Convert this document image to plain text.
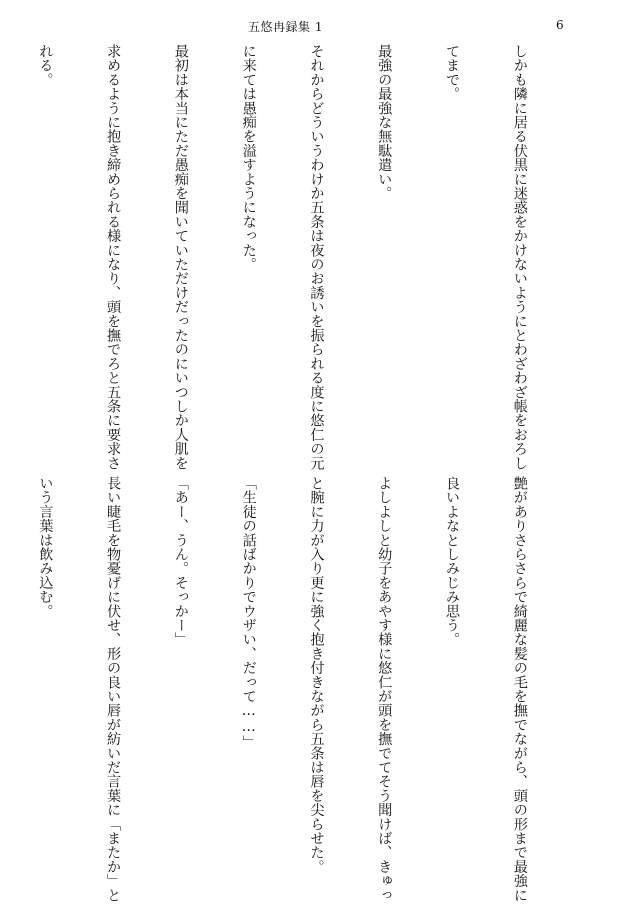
五悠冉録集 1	6

しかも隣に居る伏黒に迷惑をかけないようにとわざわざ帳をおろし

てまで。

最強の最強な無駄遣い。

それからどういうわけか五条は夜のお誘いを振られる度に悠仁の元

に来ては愚痴を溢すようになった。

最初は本当にただ愚痴を聞いていただけだったのにいつしか人肌を

求めるように抱き締められる様になり、頭を撫でろと五条に要求さ

れる。

艶がありさらさらで綺麗な髪の毛を撫でながら、頭の形まで最強に

良いよなとしみじみ思う。

よしよしと幼子をあやす様に悠仁が頭を撫でてそう聞けば、きゅっ

と腕に力が入り更に強く抱き付きながら五条は唇を尖らせた。

「生徒の話ばかりでウザい、だって……」

「あー、うん。そっかー」

長い睫毛を物憂げに伏せ、形の良い唇が紡いだ言葉に「またか」と

いう言葉は飲み込む。
